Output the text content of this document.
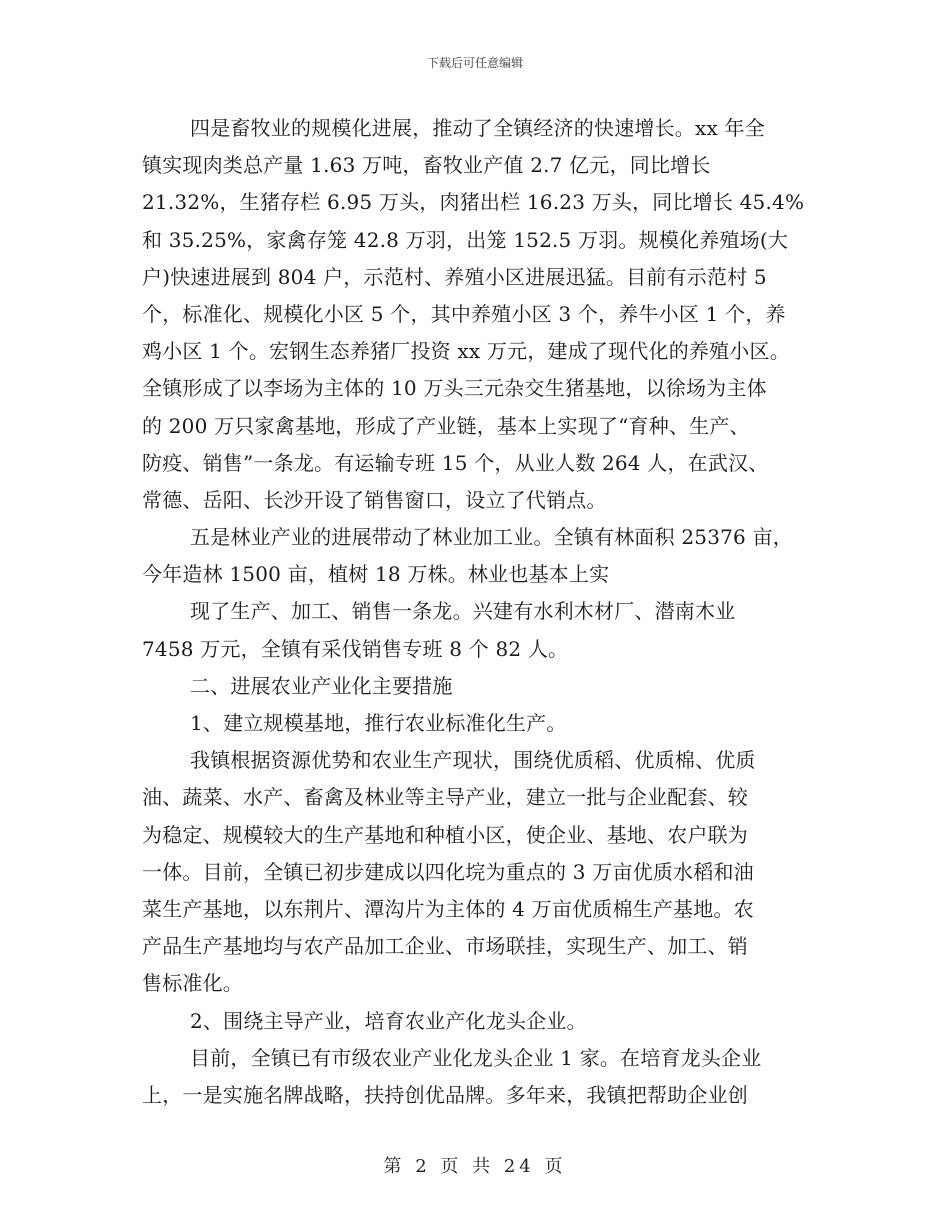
下载后可任意编辑
四是畜牧业的规模化进展，推动了全镇经济的快速增长。xx 年全
镇实现肉类总产量 1.63 万吨，畜牧业产值 2.7 亿元，同比增长
21.32%，生猪存栏 6.95 万头，肉猪出栏 16.23 万头，同比增长 45.4%
和 35.25%，家禽存笼 42.8 万羽，出笼 152.5 万羽。规模化养殖场(大
户)快速进展到 804 户，示范村、养殖小区进展迅猛。目前有示范村 5
个，标准化、规模化小区 5 个，其中养殖小区 3 个，养牛小区 1 个，养
鸡小区 1 个。宏钢生态养猪厂投资 xx 万元，建成了现代化的养殖小区。
全镇形成了以李场为主体的 10 万头三元杂交生猪基地，以徐场为主体
的 200 万只家禽基地，形成了产业链，基本上实现了“育种、生产、
防疫、销售”一条龙。有运输专班 15 个，从业人数 264 人，在武汉、
常德、岳阳、长沙开设了销售窗口，设立了代销点。
五是林业产业的进展带动了林业加工业。全镇有林面积 25376 亩，
今年造林 1500 亩，植树 18 万株。林业也基本上实
现了生产、加工、销售一条龙。兴建有水利木材厂、潜南木业
7458 万元，全镇有采伐销售专班 8 个 82 人。
二、进展农业产业化主要措施
1、建立规模基地，推行农业标准化生产。
我镇根据资源优势和农业生产现状，围绕优质稻、优质棉、优质
油、蔬菜、水产、畜禽及林业等主导产业，建立一批与企业配套、较
为稳定、规模较大的生产基地和种植小区，使企业、基地、农户联为
一体。目前，全镇已初步建成以四化垸为重点的 3 万亩优质水稻和油
菜生产基地，以东荆片、潭沟片为主体的 4 万亩优质棉生产基地。农
产品生产基地均与农产品加工企业、市场联挂，实现生产、加工、销
售标准化。
2、围绕主导产业，培育农业产化龙头企业。
目前，全镇已有市级农业产业化龙头企业 1 家。在培育龙头企业
上，一是实施名牌战略，扶持创优品牌。多年来，我镇把帮助企业创
第 2 页 共 24 页
